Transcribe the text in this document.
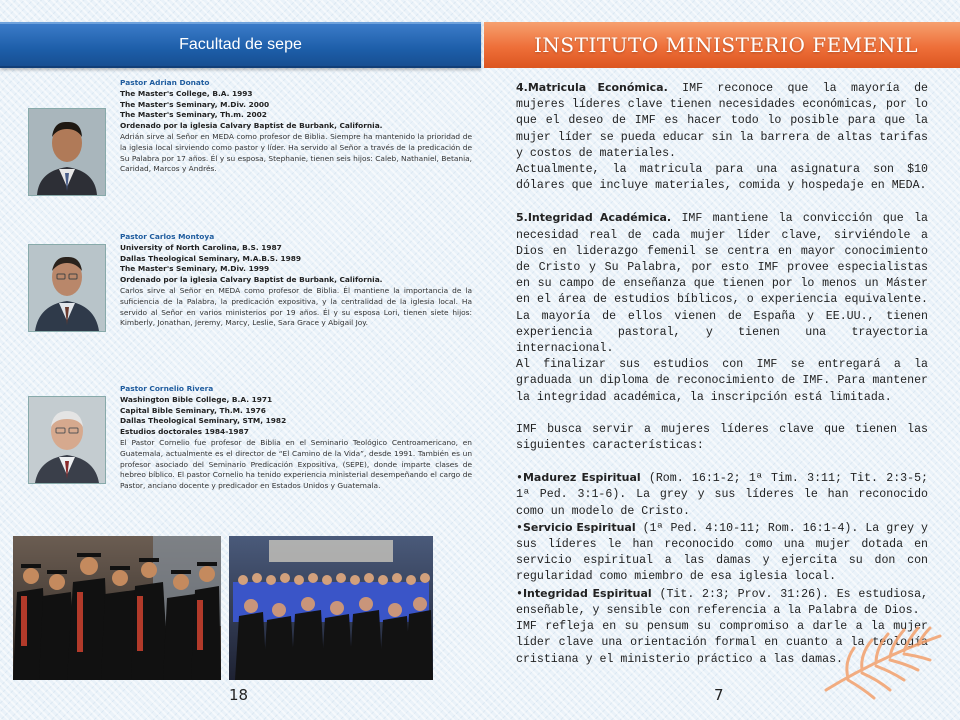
Facultad de sepe	INSTITUTO MINISTERIO FEMENIL
Pastor Adrian Donato
The Master's College, B.A. 1993
The Master's Seminary, M.Div. 2000
The Master's Seminary, Th.m. 2002
Ordenado por la iglesia Calvary Baptist de Burbank, California.
Adrián sirve al Señor en MEDA como profesor de Biblia. Siempre ha mantenido la prioridad de la iglesia local sirviendo como pastor y líder. Ha servido al Señor a través de la predicación de Su Palabra por 17 años. Él y su esposa, Stephanie, tienen seis hijos: Caleb, Nathaniel, Betania, Caridad, Marcos y Andrés.
Pastor Carlos Montoya
University of North Carolina, B.S. 1987
Dallas Theological Seminary, M.A.B.S. 1989
The Master's Seminary, M.Div. 1999
Ordenado por la iglesia Calvary Baptist de Burbank, California.
Carlos sirve al Señor en MEDA como profesor de Biblia. Él mantiene la importancia de la suficiencia de la Palabra, la predicación expositiva, y la centralidad de la iglesia local. Ha servido al Señor en varios ministerios por 19 años. Él y su esposa Lori, tienen siete hijos: Kimberly, Jonathan, Jeremy, Marcy, Leslie, Sara Grace y Abigail Joy.
Pastor Cornelio Rivera
Washington Bible College, B.A. 1971
Capital Bible Seminary, Th.M. 1976
Dallas Theological Seminary, STM, 1982
Estudios doctorales 1984-1987
El Pastor Cornelio fue profesor de Biblia en el Seminario Teológico Centroamericano, en Guatemala, actualmente es el director de “El Camino de la Vida”, desde 1991. También es un profesor asociado del Seminario Predicación Expositiva, (SEPE), donde imparte clases de hebreo bíblico. El pastor Cornelio ha tenido experiencia ministerial desempeñando el cargo de Pastor, anciano docente y predicador en Estados Unidos y Guatemala.
18	7

4.Matricula Económica. IMF reconoce que la mayoría de mujeres líderes clave tienen necesidades económicas, por lo que el deseo de IMF es hacer todo lo posible para que la mujer líder se pueda educar sin la barrera de altas tarifas y costos de materiales.

Actualmente, la matricula para una asignatura son $10 dólares que incluye materiales, comida y hospedaje en MEDA.

5.Integridad Académica. IMF mantiene la convicción que la necesidad real de cada mujer líder clave, sirviéndole a Dios en liderazgo femenil se centra en mayor conocimiento de Cristo y Su Palabra, por esto IMF provee especialistas en su campo de enseñanza que tienen por lo menos un Máster en el área de estudios bíblicos, o experiencia equivalente. La mayoría de ellos vienen de España y EE.UU., tienen experiencia pastoral, y tienen una trayectoria internacional.

Al finalizar sus estudios con IMF se entregará a la graduada un diploma de reconocimiento de IMF. Para mantener la integridad académica, la inscripción está limitada.

IMF busca servir a mujeres líderes clave que tienen las siguientes características:

•Madurez Espiritual (Rom. 16:1-2; 1ª Tim. 3:11; Tit. 2:3-5; 1ª Ped. 3:1-6). La grey y sus líderes le han reconocido como un modelo de Cristo.

•Servicio Espiritual (1ª Ped. 4:10-11; Rom. 16:1-4). La grey y sus líderes le han reconocido como una mujer dotada en servicio espiritual a las damas y ejercita su don con regularidad como miembro de esa iglesia local.

•Integridad Espiritual (Tit. 2:3; Prov. 31:26). Es estudiosa, enseñable, y sensible con referencia a la Palabra de Dios.

IMF refleja en su pensum su compromiso a darle a la mujer líder clave una orientación formal en cuanto a la teología cristiana y el ministerio práctico a las damas.
